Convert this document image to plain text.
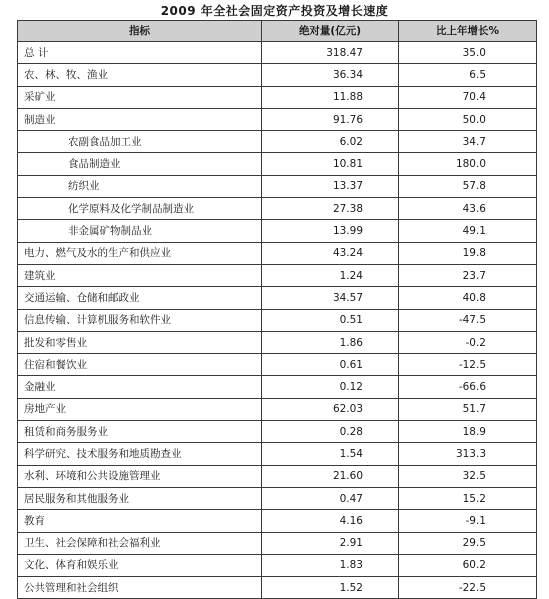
2009 年全社会固定资产投资及增长速度
指标	绝对量(亿元)	比上年增长%
总 计	318.47	35.0
农、林、牧、渔业	36.34	6.5
采矿业	11.88	70.4
制造业	91.76	50.0
农副食品加工业	6.02	34.7
食品制造业	10.81	180.0
纺织业	13.37	57.8
化学原料及化学制品制造业	27.38	43.6
非金属矿物制品业	13.99	49.1
电力、燃气及水的生产和供应业	43.24	19.8
建筑业	1.24	23.7
交通运输、仓储和邮政业	34.57	40.8
信息传输、计算机服务和软件业	0.51	-47.5
批发和零售业	1.86	-0.2
住宿和餐饮业	0.61	-12.5
金融业	0.12	-66.6
房地产业	62.03	51.7
租赁和商务服务业	0.28	18.9
科学研究、技术服务和地质勘查业	1.54	313.3
水利、环境和公共设施管理业	21.60	32.5
居民服务和其他服务业	0.47	15.2
教育	4.16	-9.1
卫生、社会保障和社会福利业	2.91	29.5
文化、体育和娱乐业	1.83	60.2
公共管理和社会组织	1.52	-22.5
